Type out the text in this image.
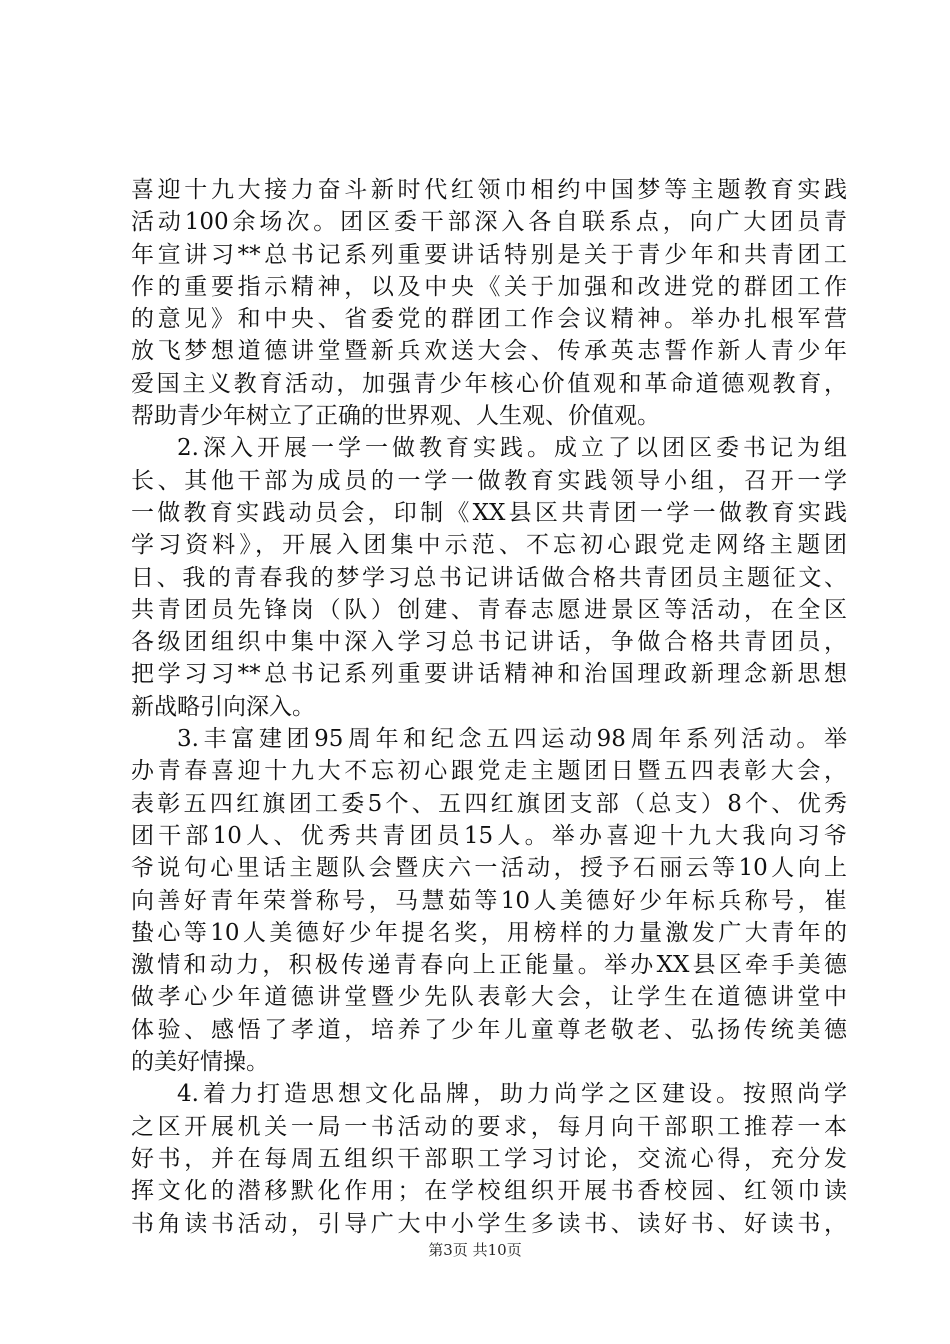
喜迎十九大接力奋斗新时代红领巾相约中国梦等主题教育实践
活动100余场次。团区委干部深入各自联系点，向广大团员青
年宣讲习**总书记系列重要讲话特别是关于青少年和共青团工
作的重要指示精神，以及中央《关于加强和改进党的群团工作
的意见》和中央、省委党的群团工作会议精神。举办扎根军营
放飞梦想道德讲堂暨新兵欢送大会、传承英志誓作新人青少年
爱国主义教育活动，加强青少年核心价值观和革命道德观教育，
帮助青少年树立了正确的世界观、人生观、价值观。
2.深入开展一学一做教育实践。成立了以团区委书记为组
长、其他干部为成员的一学一做教育实践领导小组，召开一学
一做教育实践动员会，印制《XX县区共青团一学一做教育实践
学习资料》，开展入团集中示范、不忘初心跟党走网络主题团
日、我的青春我的梦学习总书记讲话做合格共青团员主题征文、
共青团员先锋岗（队）创建、青春志愿进景区等活动，在全区
各级团组织中集中深入学习总书记讲话，争做合格共青团员，
把学习习**总书记系列重要讲话精神和治国理政新理念新思想
新战略引向深入。
3.丰富建团95周年和纪念五四运动98周年系列活动。举
办青春喜迎十九大不忘初心跟党走主题团日暨五四表彰大会，
表彰五四红旗团工委5个、五四红旗团支部（总支）8个、优秀
团干部10人、优秀共青团员15人。举办喜迎十九大我向习爷
爷说句心里话主题队会暨庆六一活动，授予石丽云等10人向上
向善好青年荣誉称号，马慧茹等10人美德好少年标兵称号，崔
蛰心等10人美德好少年提名奖，用榜样的力量激发广大青年的
激情和动力，积极传递青春向上正能量。举办XX县区牵手美德
做孝心少年道德讲堂暨少先队表彰大会，让学生在道德讲堂中
体验、感悟了孝道，培养了少年儿童尊老敬老、弘扬传统美德
的美好情操。
4.着力打造思想文化品牌，助力尚学之区建设。按照尚学
之区开展机关一局一书活动的要求，每月向干部职工推荐一本
好书，并在每周五组织干部职工学习讨论，交流心得，充分发
挥文化的潜移默化作用；在学校组织开展书香校园、红领巾读
书角读书活动，引导广大中小学生多读书、读好书、好读书，
第3页 共10页
